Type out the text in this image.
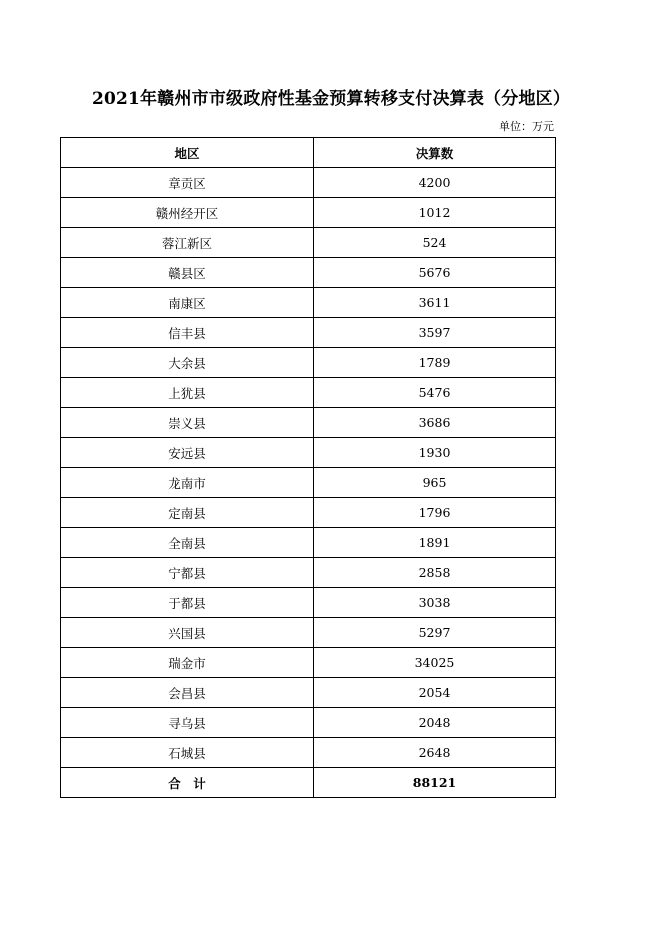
2021年赣州市市级政府性基金预算转移支付决算表（分地区）
单位：万元
地区	决算数
章贡区	4200
赣州经开区	1012
蓉江新区	524
赣县区	5676
南康区	3611
信丰县	3597
大余县	1789
上犹县	5476
崇义县	3686
安远县	1930
龙南市	965
定南县	1796
全南县	1891
宁都县	2858
于都县	3038
兴国县	5297
瑞金市	34025
会昌县	2054
寻乌县	2048
石城县	2648
合　计	88121
